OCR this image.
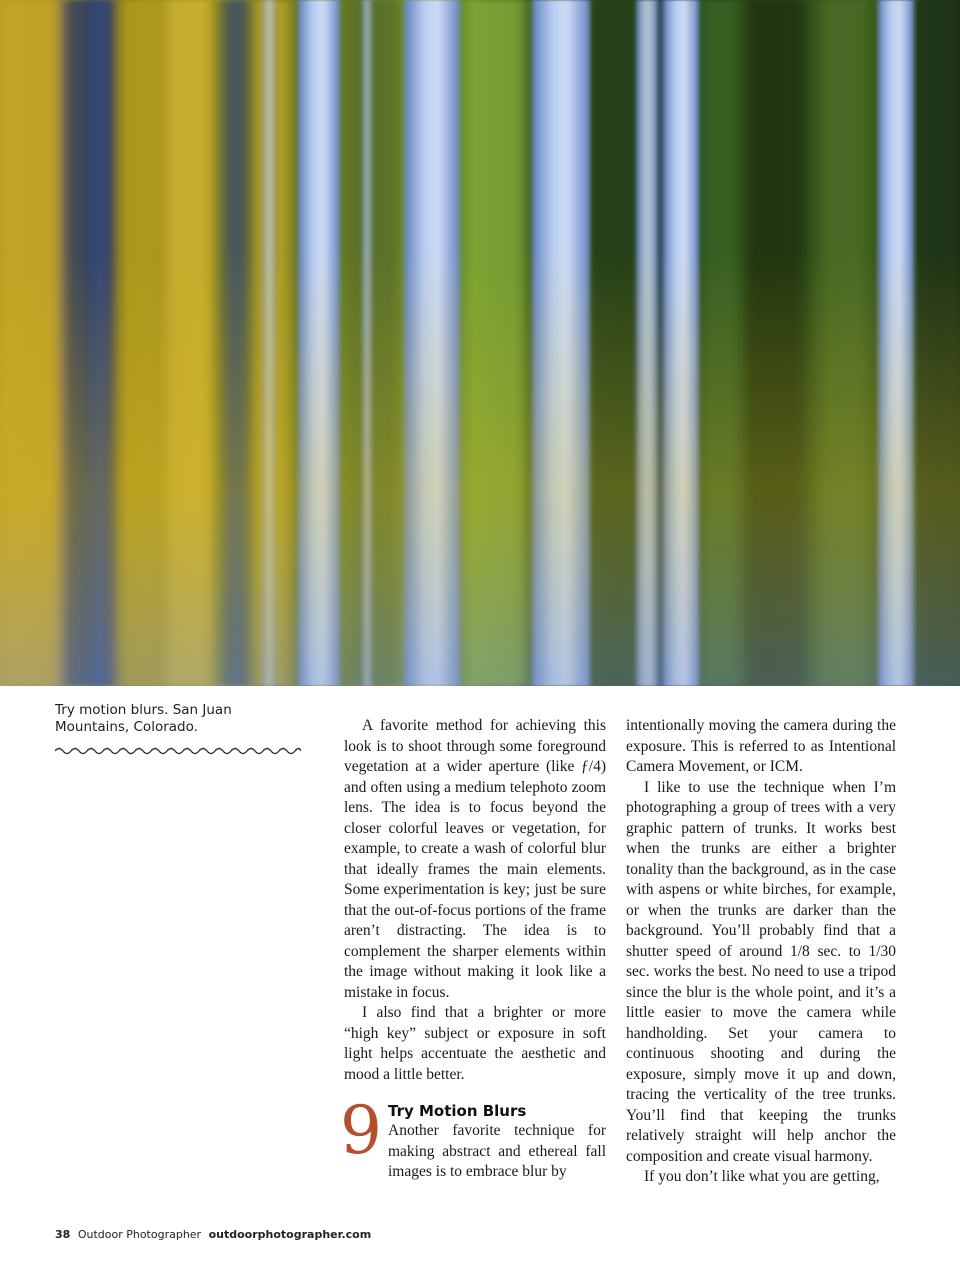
Try motion blurs. San Juan Mountains, Colorado.	A favorite method for achieving this look is to shoot through some foreground vegetation at a wider aperture (like ƒ/4) and often using a medium telephoto zoom lens. The idea is to focus beyond the closer colorful leaves or vegetation, for example, to create a wash of colorful blur that ideally frames the main elements. Some experimentation is key; just be sure that the out-of-focus portions of the frame aren’t distracting. The idea is to complement the sharper elements within the image without making it look like a mistake in focus.

I also find that a brighter or more “high key” subject or exposure in soft light helps accentuate the aesthetic and mood a little better.

9 Try Motion Blurs

Another favorite technique for making abstract and ethereal fall images is to embrace blur by

intentionally moving the camera during the exposure. This is referred to as Intentional Camera Movement, or ICM.

I like to use the technique when I’m photographing a group of trees with a very graphic pattern of trunks. It works best when the trunks are either a brighter tonality than the background, as in the case with aspens or white birches, for example, or when the trunks are darker than the background. You’ll probably find that a shutter speed of around 1/8 sec. to 1/30 sec. works the best. No need to use a tripod since the blur is the whole point, and it’s a little easier to move the camera while handholding. Set your camera to continuous shooting and during the exposure, simply move it up and down, tracing the verticality of the tree trunks. You’ll find that keeping the trunks relatively straight will help anchor the composition and create visual harmony.

If you don’t like what you are getting,

38 Outdoor Photographer outdoorphotographer.com
